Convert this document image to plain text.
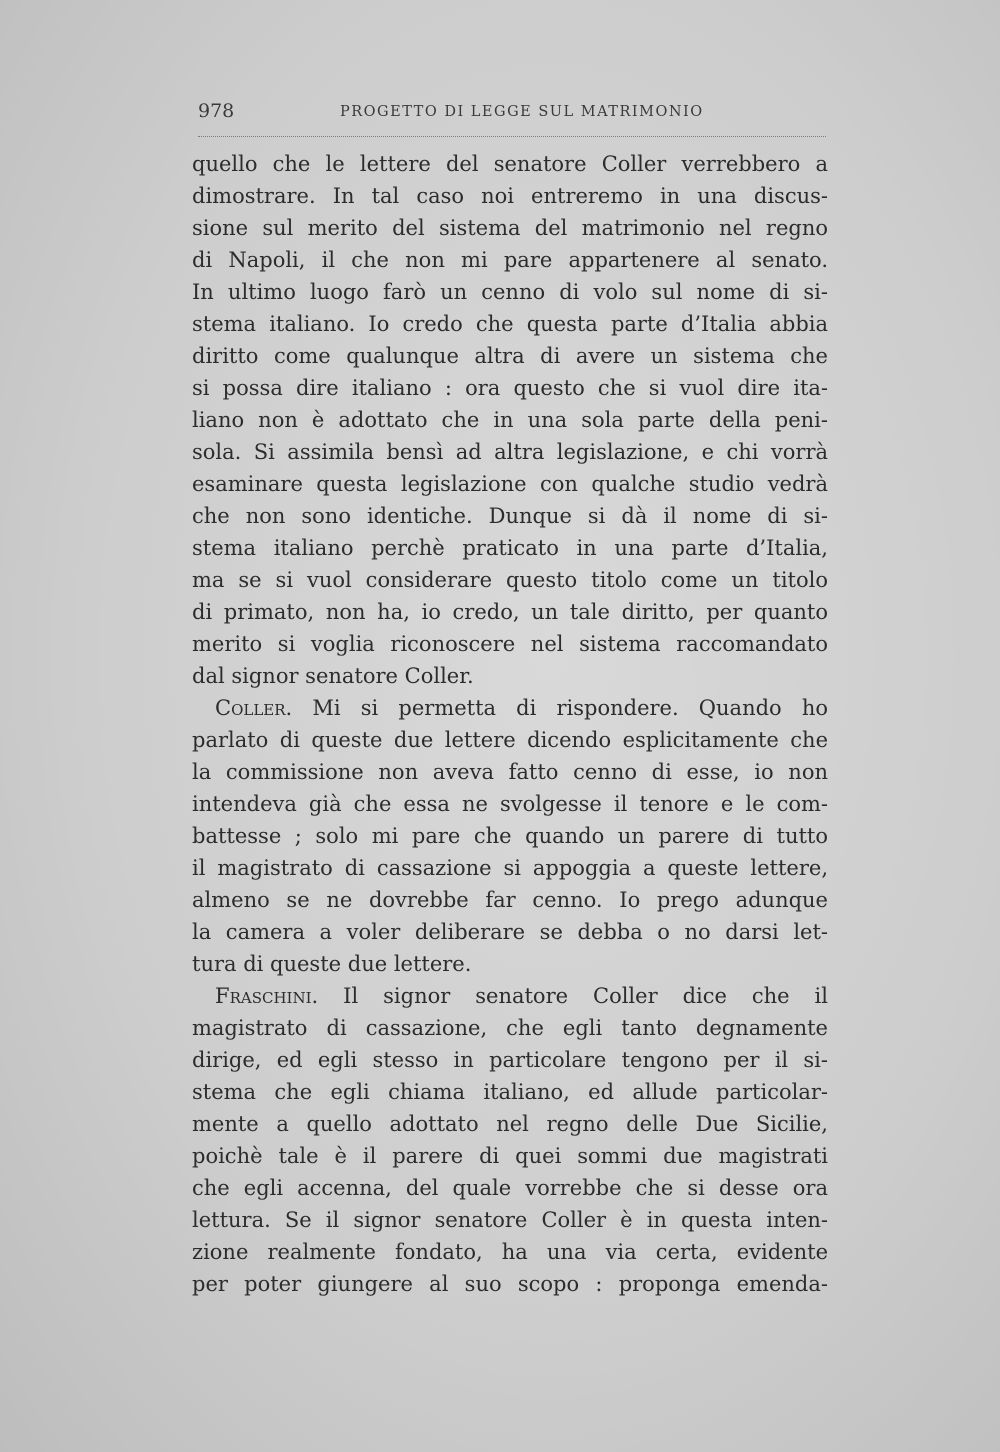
978	PROGETTO DI LEGGE SUL MATRIMONIO
quello che le lettere del senatore Coller verrebbero a
dimostrare. In tal caso noi entreremo in una discus-
sione sul merito del sistema del matrimonio nel regno
di Napoli, il che non mi pare appartenere al senato.
In ultimo luogo farò un cenno di volo sul nome di si-
stema italiano. Io credo che questa parte d’Italia abbia
diritto come qualunque altra di avere un sistema che
si possa dire italiano : ora questo che si vuol dire ita-
liano non è adottato che in una sola parte della peni-
sola. Si assimila bensì ad altra legislazione, e chi vorrà
esaminare questa legislazione con qualche studio vedrà
che non sono identiche. Dunque si dà il nome di si-
stema italiano perchè praticato in una parte d’Italia,
ma se si vuol considerare questo titolo come un titolo
di primato, non ha, io credo, un tale diritto, per quanto
merito si voglia riconoscere nel sistema raccomandato
dal signor senatore Coller.
Coller. Mi si permetta di rispondere. Quando ho
parlato di queste due lettere dicendo esplicitamente che
la commissione non aveva fatto cenno di esse, io non
intendeva già che essa ne svolgesse il tenore e le com-
battesse ; solo mi pare che quando un parere di tutto
il magistrato di cassazione si appoggia a queste lettere,
almeno se ne dovrebbe far cenno. Io prego adunque
la camera a voler deliberare se debba o no darsi let-
tura di queste due lettere.
Fraschini. Il signor senatore Coller dice che il
magistrato di cassazione, che egli tanto degnamente
dirige, ed egli stesso in particolare tengono per il si-
stema che egli chiama italiano, ed allude particolar-
mente a quello adottato nel regno delle Due Sicilie,
poichè tale è il parere di quei sommi due magistrati
che egli accenna, del quale vorrebbe che si desse ora
lettura. Se il signor senatore Coller è in questa inten-
zione realmente fondato, ha una via certa, evidente
per poter giungere al suo scopo : proponga emenda-
